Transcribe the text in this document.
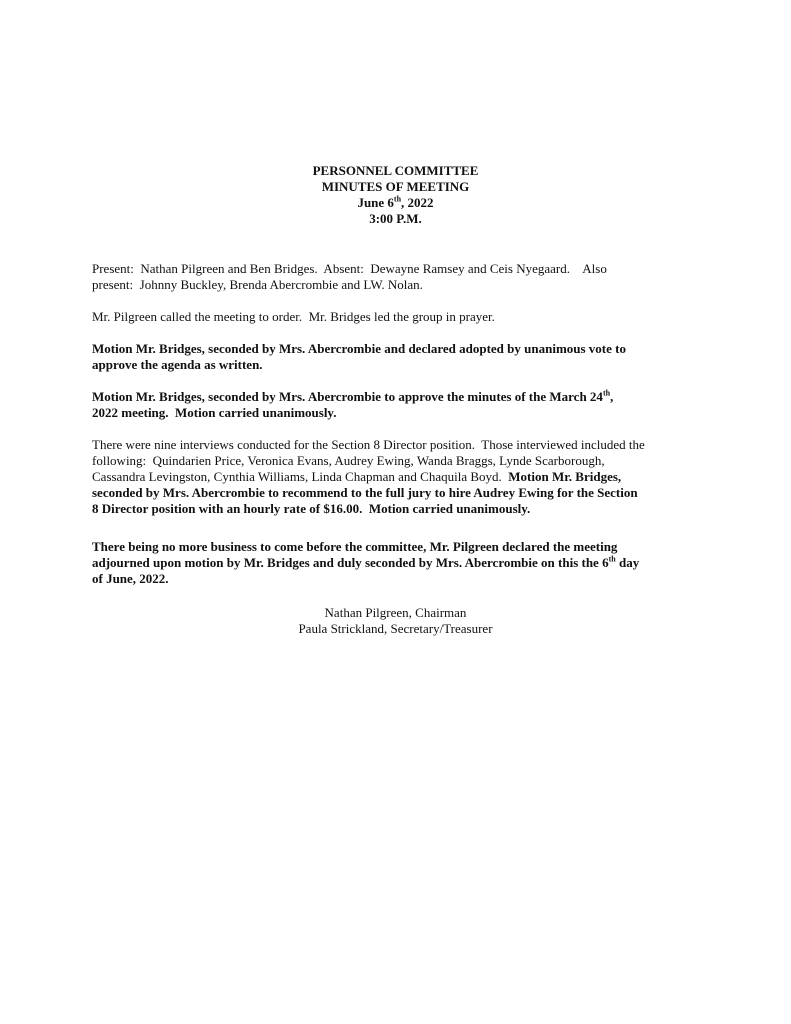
PERSONNEL COMMITTEE
MINUTES OF MEETING
June 6th, 2022
3:00 P.M.
Present:  Nathan Pilgreen and Ben Bridges.  Absent:  Dewayne Ramsey and Ceis Nyegaard.    Also
present:  Johnny Buckley, Brenda Abercrombie and LW. Nolan.
Mr. Pilgreen called the meeting to order.  Mr. Bridges led the group in prayer.
Motion Mr. Bridges, seconded by Mrs. Abercrombie and declared adopted by unanimous vote to
approve the agenda as written.
Motion Mr. Bridges, seconded by Mrs. Abercrombie to approve the minutes of the March 24th,
2022 meeting.  Motion carried unanimously.
There were nine interviews conducted for the Section 8 Director position.  Those interviewed included the
following:  Quindarien Price, Veronica Evans, Audrey Ewing, Wanda Braggs, Lynde Scarborough,
Cassandra Levingston, Cynthia Williams, Linda Chapman and Chaquila Boyd.  Motion Mr. Bridges,
seconded by Mrs. Abercrombie to recommend to the full jury to hire Audrey Ewing for the Section
8 Director position with an hourly rate of $16.00.  Motion carried unanimously.
There being no more business to come before the committee, Mr. Pilgreen declared the meeting
adjourned upon motion by Mr. Bridges and duly seconded by Mrs. Abercrombie on this the 6th day
of June, 2022.
Nathan Pilgreen, Chairman
Paula Strickland, Secretary/Treasurer
